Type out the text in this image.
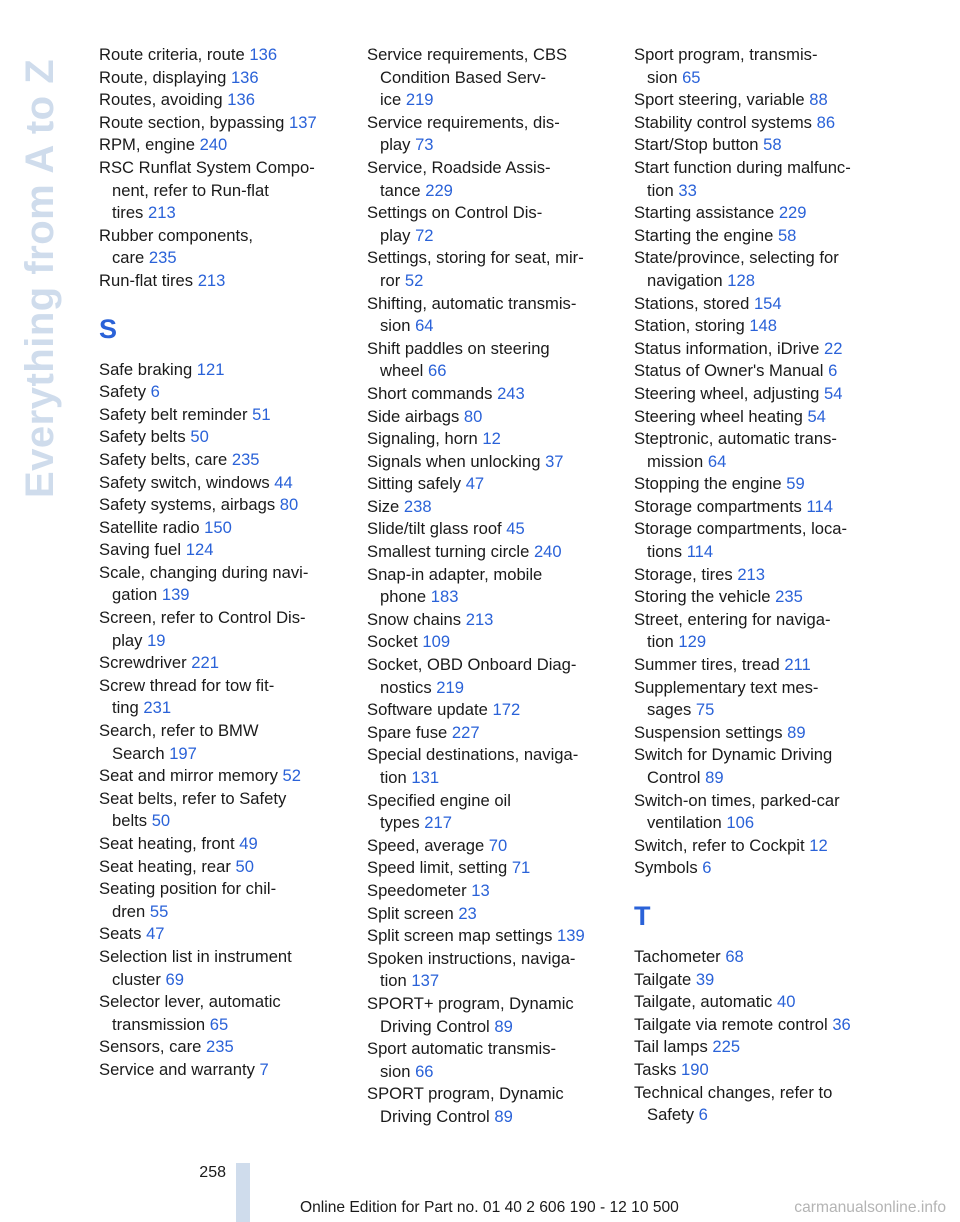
Everything from A to Z
Route criteria, route 136
Route, displaying 136
Routes, avoiding 136
Route section, bypassing 137
RPM, engine 240
RSC Runflat System Compo-
nent, refer to Run-flat
tires 213
Rubber components,
care 235
Run-flat tires 213
S
Safe braking 121
Safety 6
Safety belt reminder 51
Safety belts 50
Safety belts, care 235
Safety switch, windows 44
Safety systems, airbags 80
Satellite radio 150
Saving fuel 124
Scale, changing during navi-
gation 139
Screen, refer to Control Dis-
play 19
Screwdriver 221
Screw thread for tow fit-
ting 231
Search, refer to BMW
Search 197
Seat and mirror memory 52
Seat belts, refer to Safety
belts 50
Seat heating, front 49
Seat heating, rear 50
Seating position for chil-
dren 55
Seats 47
Selection list in instrument
cluster 69
Selector lever, automatic
transmission 65
Sensors, care 235
Service and warranty 7
Service requirements, CBS
Condition Based Serv-
ice 219
Service requirements, dis-
play 73
Service, Roadside Assis-
tance 229
Settings on Control Dis-
play 72
Settings, storing for seat, mir-
ror 52
Shifting, automatic transmis-
sion 64
Shift paddles on steering
wheel 66
Short commands 243
Side airbags 80
Signaling, horn 12
Signals when unlocking 37
Sitting safely 47
Size 238
Slide/tilt glass roof 45
Smallest turning circle 240
Snap-in adapter, mobile
phone 183
Snow chains 213
Socket 109
Socket, OBD Onboard Diag-
nostics 219
Software update 172
Spare fuse 227
Special destinations, naviga-
tion 131
Specified engine oil
types 217
Speed, average 70
Speed limit, setting 71
Speedometer 13
Split screen 23
Split screen map settings 139
Spoken instructions, naviga-
tion 137
SPORT+ program, Dynamic
Driving Control 89
Sport automatic transmis-
sion 66
SPORT program, Dynamic
Driving Control 89
Sport program, transmis-
sion 65
Sport steering, variable 88
Stability control systems 86
Start/Stop button 58
Start function during malfunc-
tion 33
Starting assistance 229
Starting the engine 58
State/province, selecting for
navigation 128
Stations, stored 154
Station, storing 148
Status information, iDrive 22
Status of Owner's Manual 6
Steering wheel, adjusting 54
Steering wheel heating 54
Steptronic, automatic trans-
mission 64
Stopping the engine 59
Storage compartments 114
Storage compartments, loca-
tions 114
Storage, tires 213
Storing the vehicle 235
Street, entering for naviga-
tion 129
Summer tires, tread 211
Supplementary text mes-
sages 75
Suspension settings 89
Switch for Dynamic Driving
Control 89
Switch-on times, parked-car
ventilation 106
Switch, refer to Cockpit 12
Symbols 6
T
Tachometer 68
Tailgate 39
Tailgate, automatic 40
Tailgate via remote control 36
Tail lamps 225
Tasks 190
Technical changes, refer to
Safety 6
258
Online Edition for Part no. 01 40 2 606 190 - 12 10 500	carmanualsonline.info
